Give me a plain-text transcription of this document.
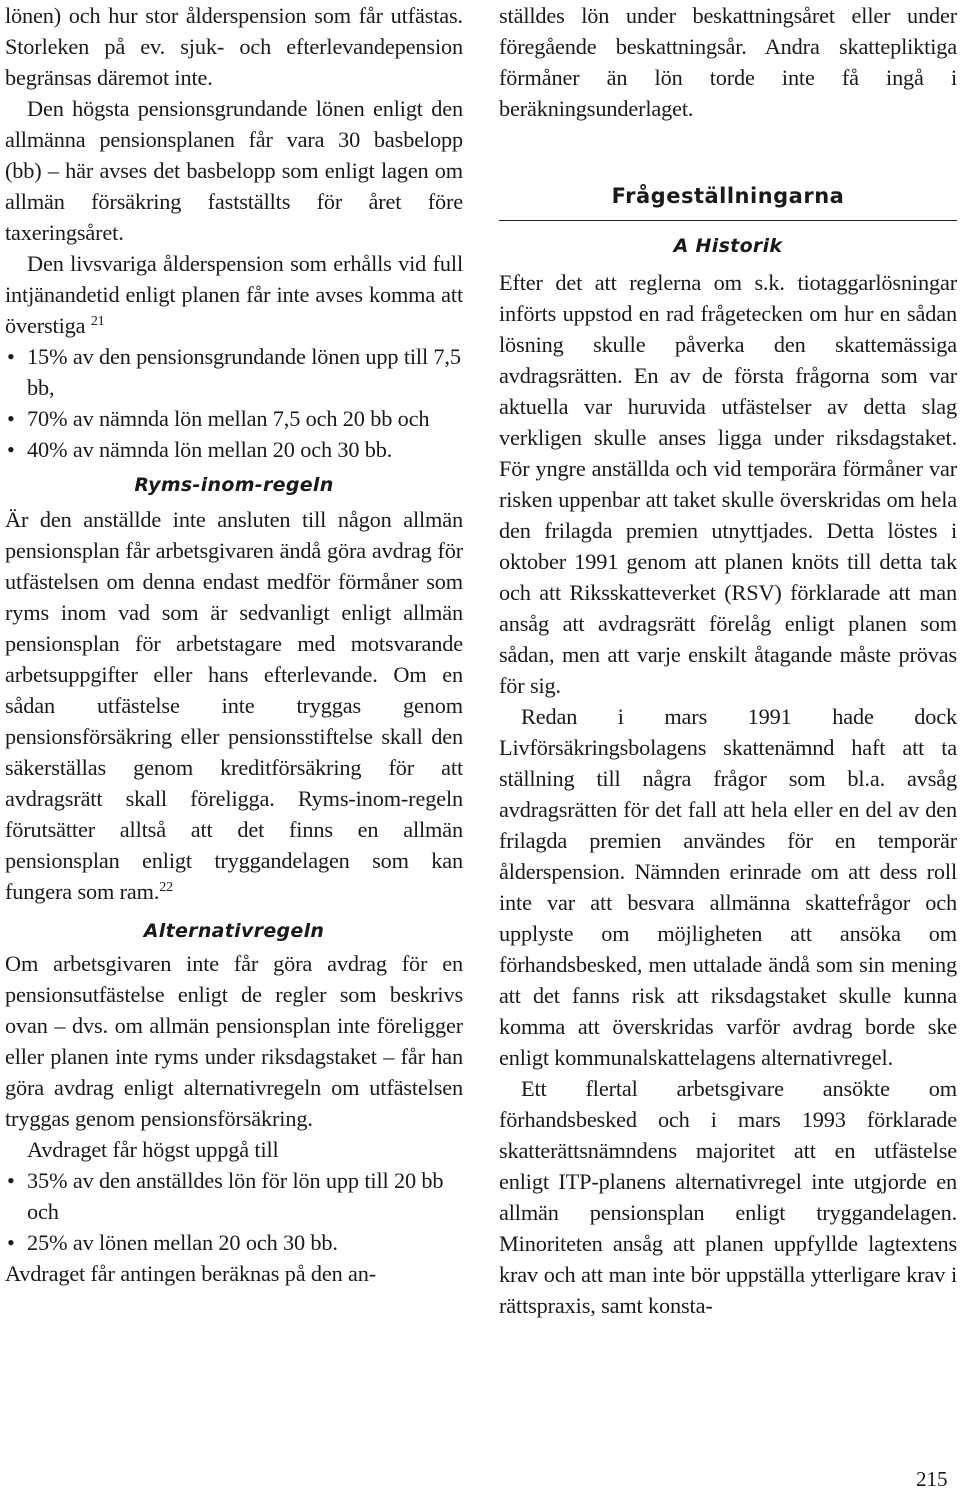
lönen) och hur stor ålderspension som får utfästas. Storleken på ev. sjuk- och efterlevandepension begränsas däremot inte.

Den högsta pensionsgrundande lönen enligt den allmänna pensionsplanen får vara 30 basbelopp (bb) – här avses det basbelopp som enligt lagen om allmän försäkring fastställts för året före taxeringsåret.

Den livsvariga ålderspension som erhålls vid full intjänandetid enligt planen får inte avses komma att överstiga $^{21}$

• 15% av den pensionsgrundande lönen upp till 7,5 bb,
• 70% av nämnda lön mellan 7,5 och 20 bb och
• 40% av nämnda lön mellan 20 och 30 bb.
Ryms-inom-regeln

Är den anställde inte ansluten till någon allmän pensionsplan får arbetsgivaren ändå göra avdrag för utfästelsen om denna endast medför förmåner som ryms inom vad som är sedvanligt enligt allmän pensionsplan för arbetstagare med motsvarande arbetsuppgifter eller hans efterlevande. Om en sådan utfästelse inte tryggas genom pensionsförsäkring eller pensionsstiftelse skall den säkerställas genom kreditförsäkring för att avdragsrätt skall föreligga. Ryms-inom-regeln förutsätter alltså att det finns en allmän pensionsplan enligt tryggandelagen som kan fungera som ram.$^{22}$

Alternativregeln

Om arbetsgivaren inte får göra avdrag för en pensionsutfästelse enligt de regler som beskrivs ovan – dvs. om allmän pensionsplan inte föreligger eller planen inte ryms under riksdagstaket – får han göra avdrag enligt alternativregeln om utfästelsen tryggas genom pensionsförsäkring.

Avdraget får högst uppgå till

• 35% av den anställdes lön för lön upp till 20 bb och
• 25% av lönen mellan 20 och 30 bb.

Avdraget får antingen beräknas på den an-

ställdes lön under beskattningsåret eller under föregående beskattningsår. Andra skattepliktiga förmåner än lön torde inte få ingå i beräkningsunderlaget.

Frågeställningarna
A Historik

Efter det att reglerna om s.k. tiotaggarlösningar införts uppstod en rad frågetecken om hur en sådan lösning skulle påverka den skattemässiga avdragsrätten. En av de första frågorna som var aktuella var huruvida utfästelser av detta slag verkligen skulle anses ligga under riksdagstaket. För yngre anställda och vid temporära förmåner var risken uppenbar att taket skulle överskridas om hela den frilagda premien utnyttjades. Detta löstes i oktober 1991 genom att planen knöts till detta tak och att Riksskatteverket (RSV) förklarade att man ansåg att avdragsrätt förelåg enligt planen som sådan, men att varje enskilt åtagande måste prövas för sig.

Redan i mars 1991 hade dock Livförsäkringsbolagens skattenämnd haft att ta ställning till några frågor som bl.a. avsåg avdragsrätten för det fall att hela eller en del av den frilagda premien användes för en temporär ålderspension. Nämnden erinrade om att dess roll inte var att besvara allmänna skattefrågor och upplyste om möjligheten att ansöka om förhandsbesked, men uttalade ändå som sin mening att det fanns risk att riksdagstaket skulle kunna komma att överskridas varför avdrag borde ske enligt kommunalskattelagens alternativregel.

Ett flertal arbetsgivare ansökte om förhandsbesked och i mars 1993 förklarade skatterättsnämndens majoritet att en utfästelse enligt ITP-planens alternativregel inte utgjorde en allmän pensionsplan enligt tryggandelagen. Minoriteten ansåg att planen uppfyllde lagtextens krav och att man inte bör uppställa ytterligare krav i rättspraxis, samt konsta-

215
